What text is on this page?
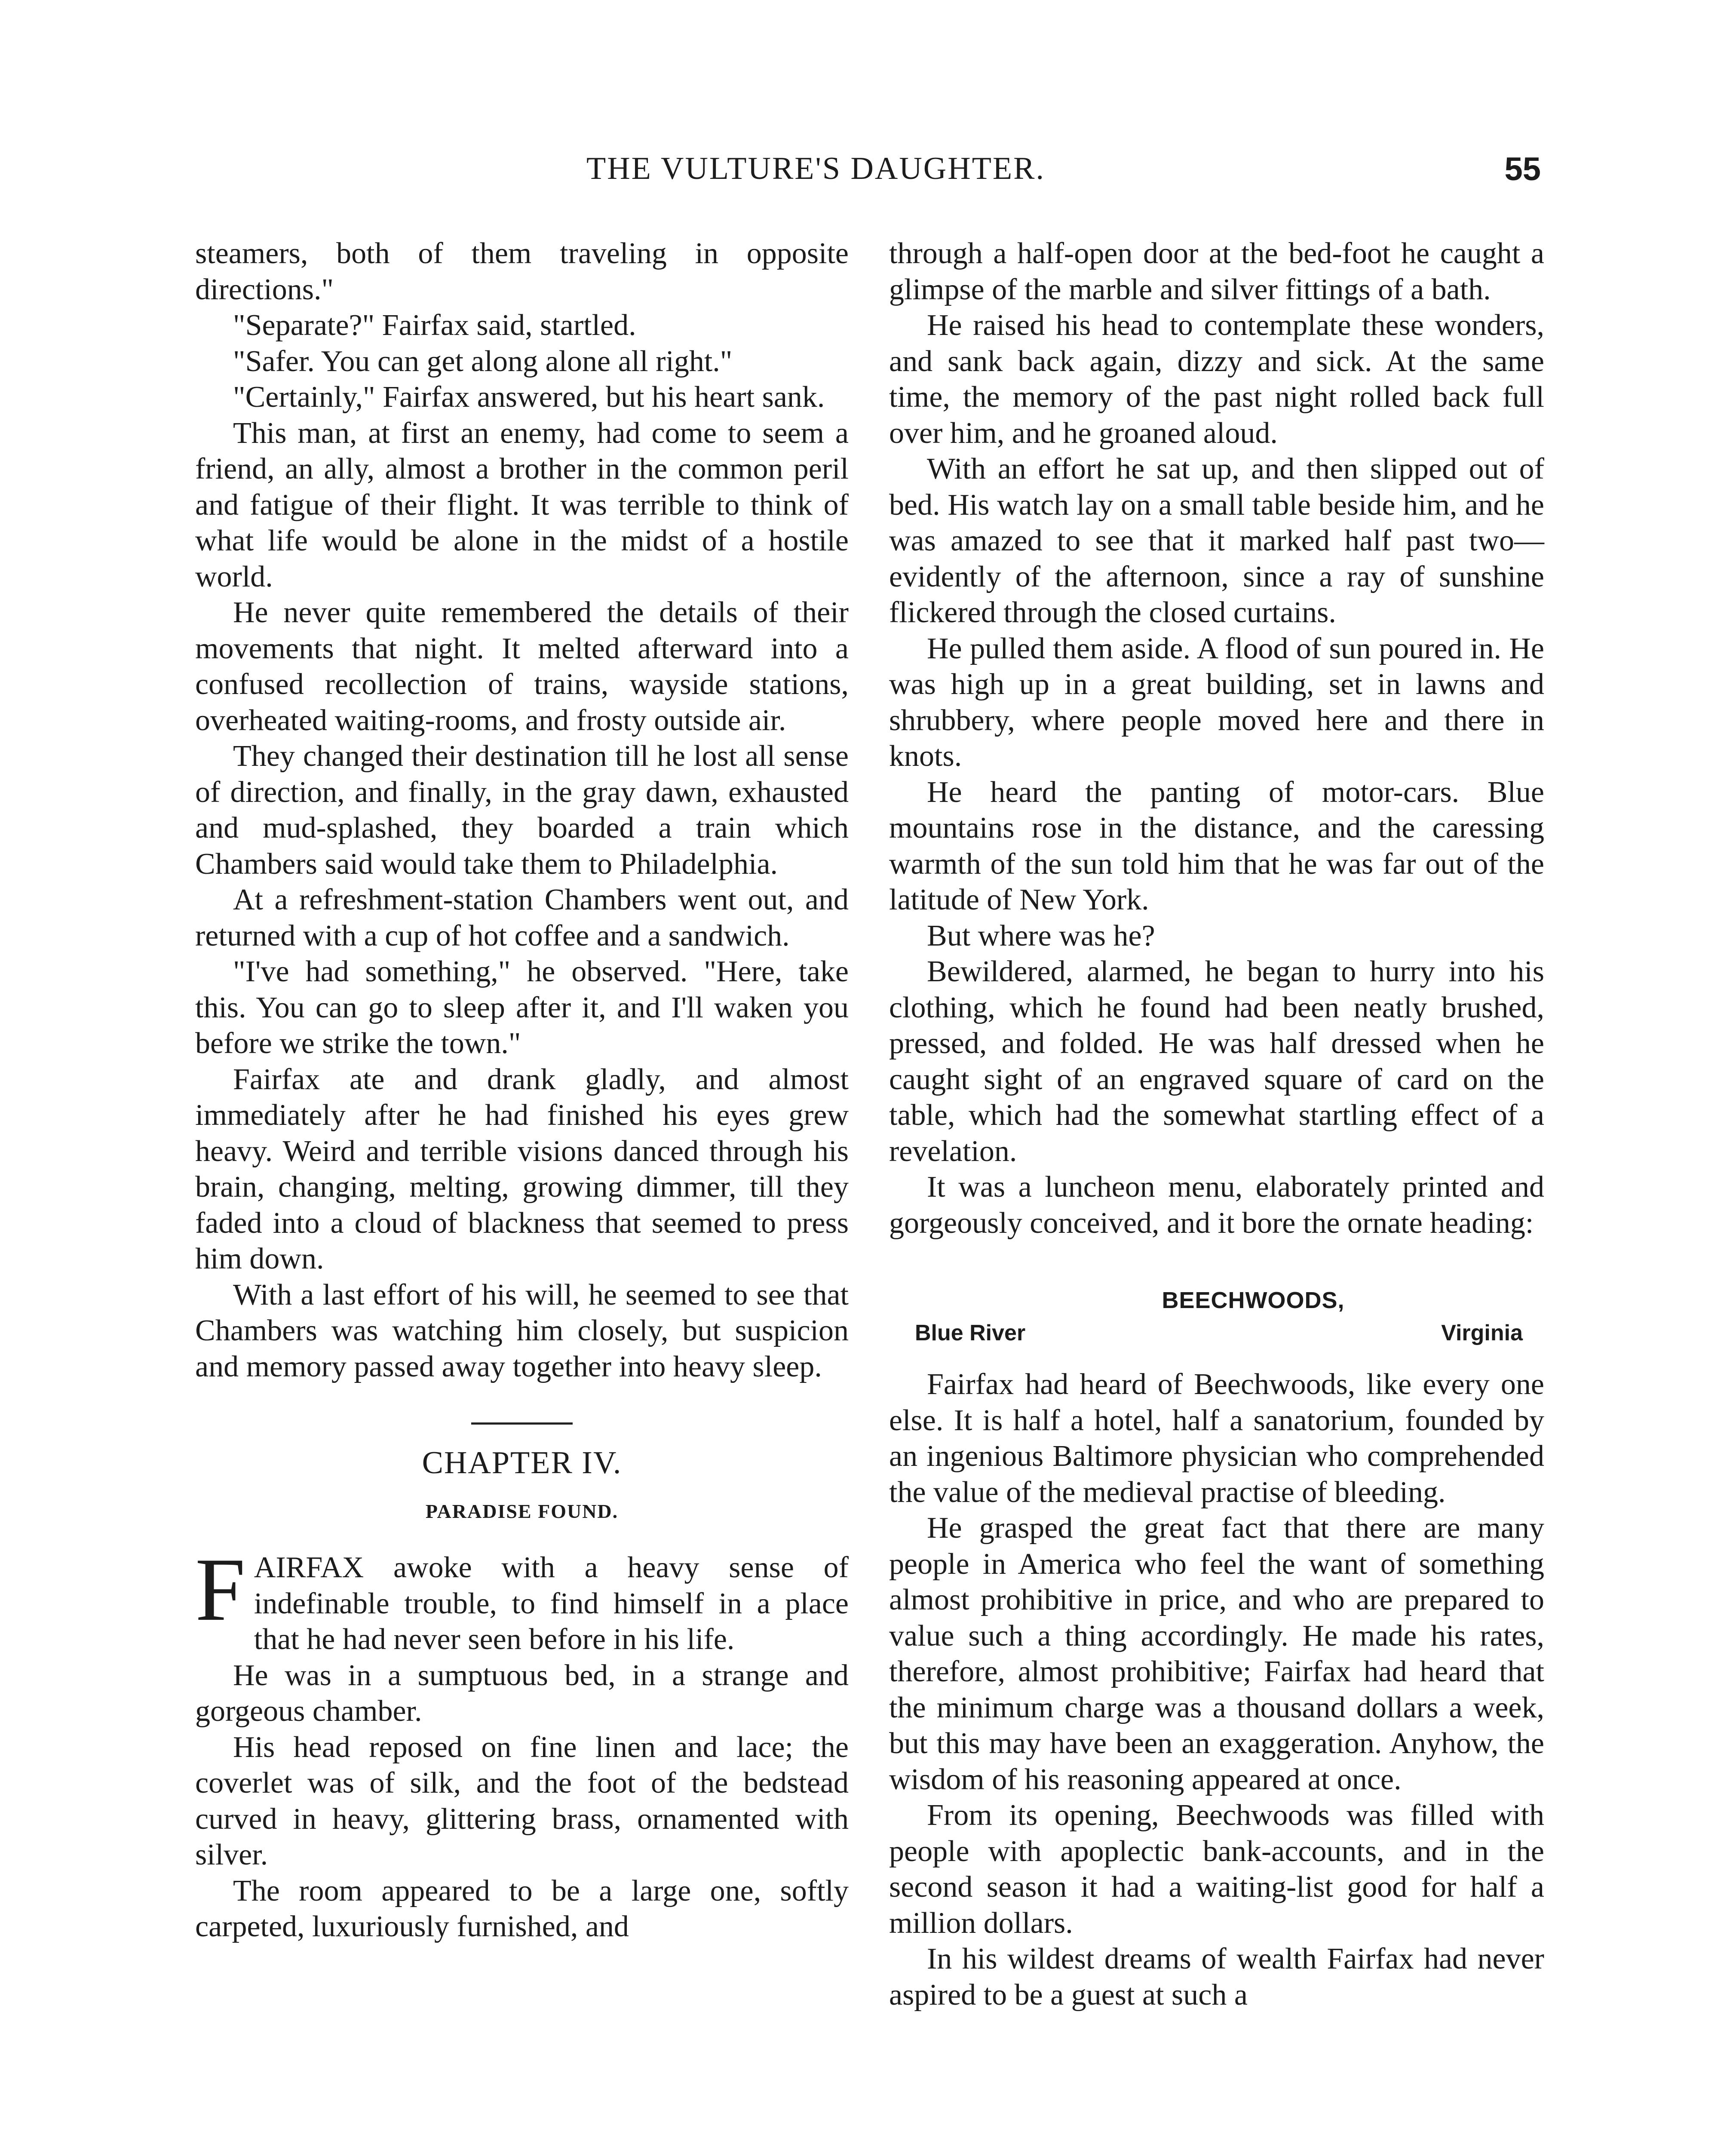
THE VULTURE'S DAUGHTER.	55

steamers, both of them traveling in opposite directions."

"Separate?" Fairfax said, startled.

"Safer. You can get along alone all right."

"Certainly," Fairfax answered, but his heart sank.

This man, at first an enemy, had come to seem a friend, an ally, almost a brother in the common peril and fatigue of their flight. It was terrible to think of what life would be alone in the midst of a hostile world.

He never quite remembered the details of their movements that night. It melted afterward into a confused recollection of trains, wayside stations, overheated waiting-rooms, and frosty outside air.

They changed their destination till he lost all sense of direction, and finally, in the gray dawn, exhausted and mud-splashed, they boarded a train which Chambers said would take them to Philadelphia.

At a refreshment-station Chambers went out, and returned with a cup of hot coffee and a sandwich.

"I've had something," he observed. "Here, take this. You can go to sleep after it, and I'll waken you before we strike the town."

Fairfax ate and drank gladly, and almost immediately after he had finished his eyes grew heavy. Weird and terrible visions danced through his brain, changing, melting, growing dimmer, till they faded into a cloud of blackness that seemed to press him down.

With a last effort of his will, he seemed to see that Chambers was watching him closely, but suspicion and memory passed away together into heavy sleep.

CHAPTER IV.
PARADISE FOUND.

FAIRFAX awoke with a heavy sense of indefinable trouble, to find himself in a place that he had never seen before in his life.

He was in a sumptuous bed, in a strange and gorgeous chamber.

His head reposed on fine linen and lace; the coverlet was of silk, and the foot of the bedstead curved in heavy, glittering brass, ornamented with silver.

The room appeared to be a large one, softly carpeted, luxuriously furnished, and

through a half-open door at the bed-foot he caught a glimpse of the marble and silver fittings of a bath.

He raised his head to contemplate these wonders, and sank back again, dizzy and sick. At the same time, the memory of the past night rolled back full over him, and he groaned aloud.

With an effort he sat up, and then slipped out of bed. His watch lay on a small table beside him, and he was amazed to see that it marked half past two—evidently of the afternoon, since a ray of sunshine flickered through the closed curtains.

He pulled them aside. A flood of sun poured in. He was high up in a great building, set in lawns and shrubbery, where people moved here and there in knots.

He heard the panting of motor-cars. Blue mountains rose in the distance, and the caressing warmth of the sun told him that he was far out of the latitude of New York.

But where was he?

Bewildered, alarmed, he began to hurry into his clothing, which he found had been neatly brushed, pressed, and folded. He was half dressed when he caught sight of an engraved square of card on the table, which had the somewhat startling effect of a revelation.

It was a luncheon menu, elaborately printed and gorgeously conceived, and it bore the ornate heading:

BEECHWOODS,
Blue River	Virginia

Fairfax had heard of Beechwoods, like every one else. It is half a hotel, half a sanatorium, founded by an ingenious Baltimore physician who comprehended the value of the medieval practise of bleeding.

He grasped the great fact that there are many people in America who feel the want of something almost prohibitive in price, and who are prepared to value such a thing accordingly. He made his rates, therefore, almost prohibitive; Fairfax had heard that the minimum charge was a thousand dollars a week, but this may have been an exaggeration. Anyhow, the wisdom of his reasoning appeared at once.

From its opening, Beechwoods was filled with people with apoplectic bank-accounts, and in the second season it had a waiting-list good for half a million dollars.

In his wildest dreams of wealth Fairfax had never aspired to be a guest at such a
